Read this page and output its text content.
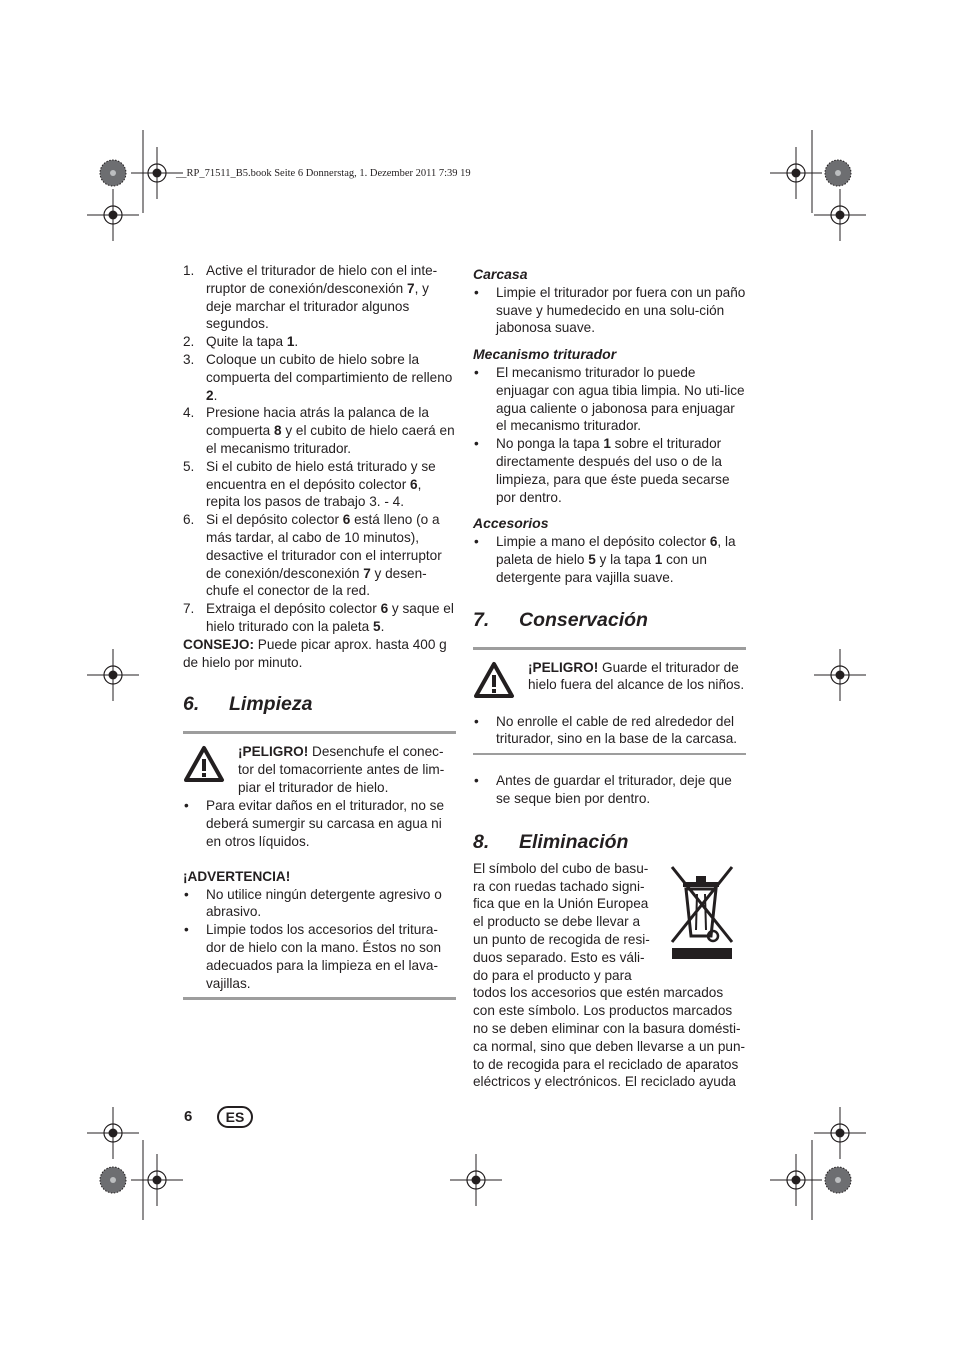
__RP_71511_B5.book Seite 6 Donnerstag, 1. Dezember 2011 7:39 19
1. Active el triturador de hielo con el inte-rruptor de conexión/desconexión 7, y deje marchar el triturador algunos segundos.
2. Quite la tapa 1.
3. Coloque un cubito de hielo sobre la compuerta del compartimiento de relleno 2.
4. Presione hacia atrás la palanca de la compuerta 8 y el cubito de hielo caerá en el mecanismo triturador.
5. Si el cubito de hielo está triturado y se encuentra en el depósito colector 6, repita los pasos de trabajo 3. - 4.
6. Si el depósito colector 6 está lleno (o a más tardar, al cabo de 10 minutos), desactive el triturador con el interruptor de conexión/desconexión 7 y desen-chufe el conector de la red.
7. Extraiga el depósito colector 6 y saque el hielo triturado con la paleta 5.
CONSEJO: Puede picar aprox. hasta 400 g de hielo por minuto.
6. Limpieza
¡PELIGRO! Desenchufe el conec-tor del tomacorriente antes de lim-piar el triturador de hielo.
• Para evitar daños en el triturador, no se deberá sumergir su carcasa en agua ni en otros líquidos.
¡ADVERTENCIA!
• No utilice ningún detergente agresivo o abrasivo.
• Limpie todos los accesorios del tritura-dor de hielo con la mano. Éstos no son adecuados para la limpieza en el lava-vajillas.
Carcasa
• Limpie el triturador por fuera con un paño suave y humedecido en una solu-ción jabonosa suave.
Mecanismo triturador
• El mecanismo triturador lo puede enjuagar con agua tibia limpia. No uti-lice agua caliente o jabonosa para enjuagar el mecanismo triturador.
• No ponga la tapa 1 sobre el triturador directamente después del uso o de la limpieza, para que éste pueda secarse por dentro.
Accesorios
• Limpie a mano el depósito colector 6, la paleta de hielo 5 y la tapa 1 con un detergente para vajilla suave.
7. Conservación
¡PELIGRO! Guarde el triturador de hielo fuera del alcance de los niños.
• No enrolle el cable de red alrededor del triturador, sino en la base de la carcasa.
• Antes de guardar el triturador, deje que se seque bien por dentro.
8. Eliminación
El símbolo del cubo de basu-ra con ruedas tachado signi-fica que en la Unión Europea el producto se debe llevar a un punto de recogida de resi-duos separado. Esto es váli-do para el producto y para
todos los accesorios que estén marcados con este símbolo. Los productos marcados no se deben eliminar con la basura domésti-ca normal, sino que deben llevarse a un pun-to de recogida para el reciclado de aparatos eléctricos y electrónicos. El reciclado ayuda
6	ES
